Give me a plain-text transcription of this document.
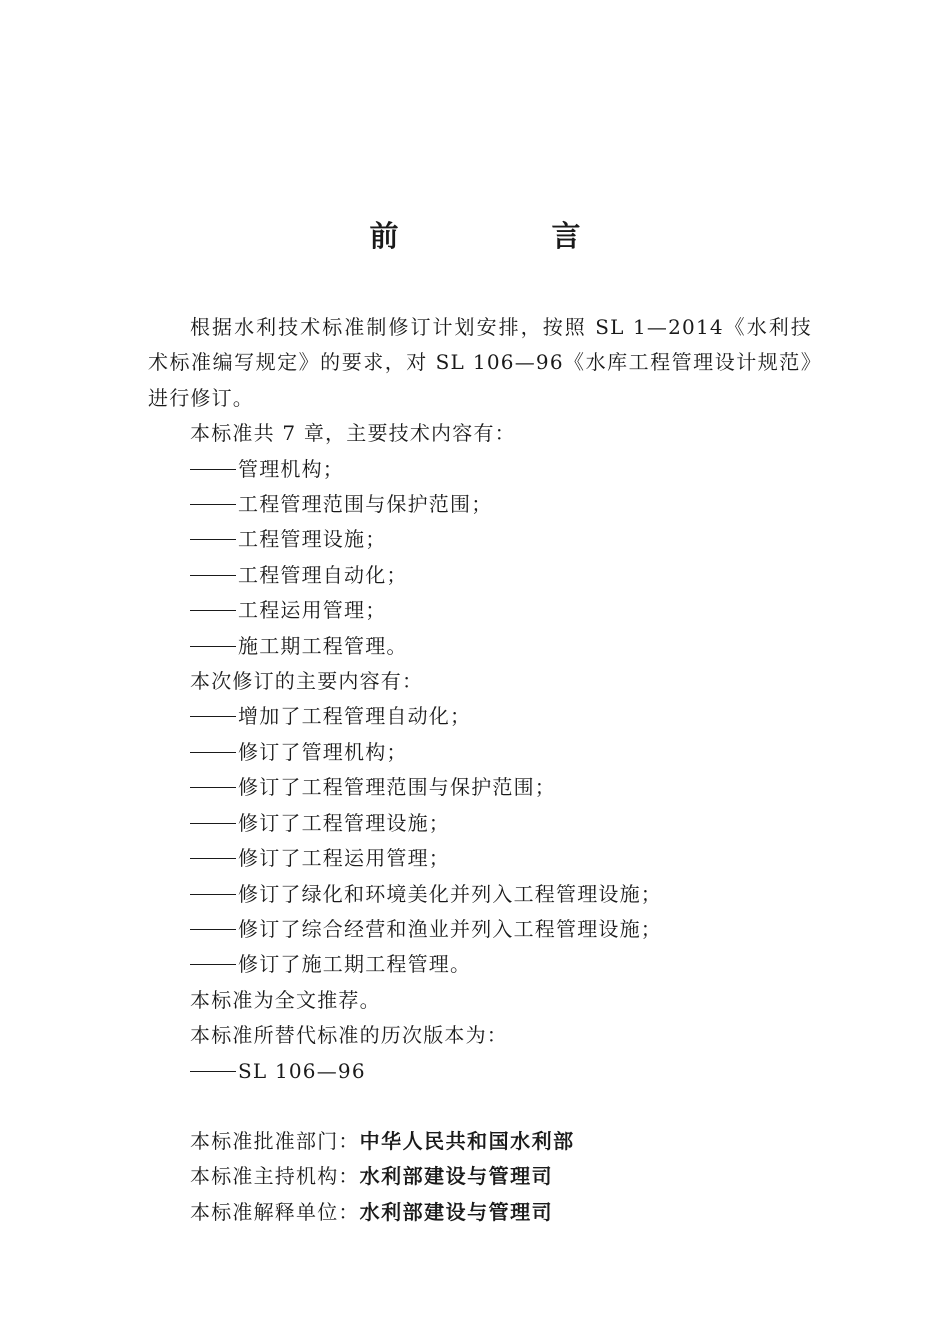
前　言

根据水利技术标准制修订计划安排，按照 SL 1—2014《水利技术标准编写规定》的要求，对 SL 106—96《水库工程管理设计规范》进行修订。

本标准共 7 章，主要技术内容有：

管理机构；

工程管理范围与保护范围；

工程管理设施；

工程管理自动化；

工程运用管理；

施工期工程管理。

本次修订的主要内容有：

增加了工程管理自动化；

修订了管理机构；

修订了工程管理范围与保护范围；

修订了工程管理设施；

修订了工程运用管理；

修订了绿化和环境美化并列入工程管理设施；

修订了综合经营和渔业并列入工程管理设施；

修订了施工期工程管理。

本标准为全文推荐。

本标准所替代标准的历次版本为：

SL 106—96

本标准批准部门：中华人民共和国水利部
本标准主持机构：水利部建设与管理司
本标准解释单位：水利部建设与管理司
